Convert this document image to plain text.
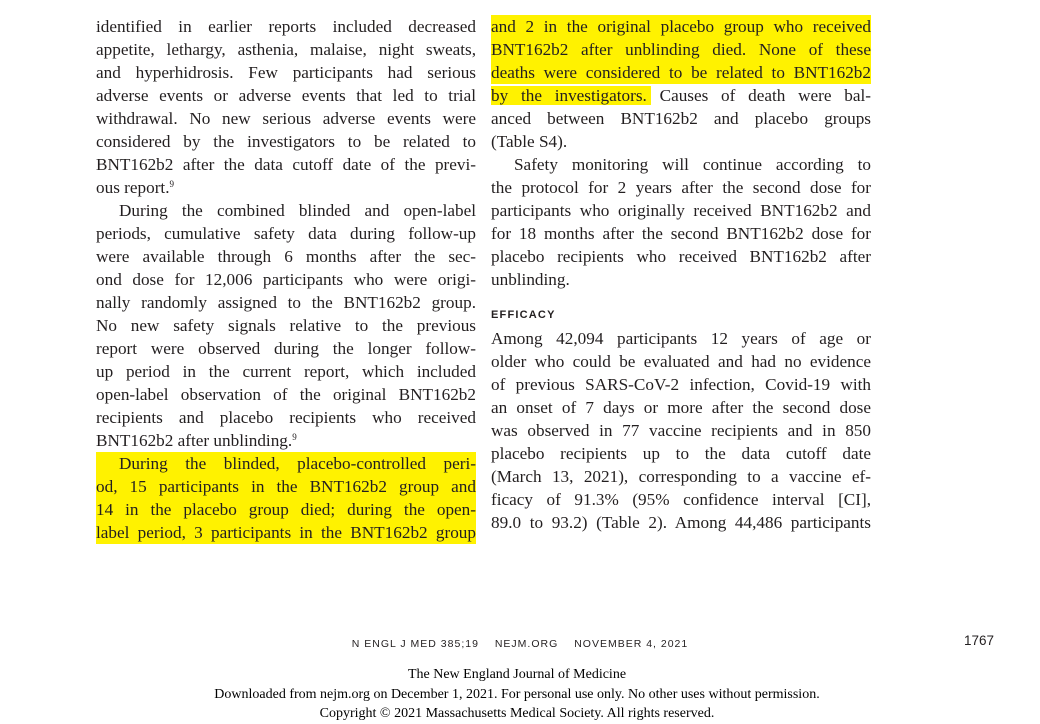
identified in earlier reports included decreased
appetite, lethargy, asthenia, malaise, night sweats,
and hyperhidrosis. Few participants had serious
adverse events or adverse events that led to trial
withdrawal. No new serious adverse events were
considered by the investigators to be related to
BNT162b2 after the data cutoff date of the previ-
ous report.$^9$
During the combined blinded and open-label
periods, cumulative safety data during follow-up
were available through 6 months after the sec-
ond dose for 12,006 participants who were origi-
nally randomly assigned to the BNT162b2 group.
No new safety signals relative to the previous
report were observed during the longer follow-
up period in the current report, which included
open-label observation of the original BNT162b2
recipients and placebo recipients who received
BNT162b2 after unblinding.$^9$
During the blinded, placebo-controlled peri-
od, 15 participants in the BNT162b2 group and
14 in the placebo group died; during the open-
label period, 3 participants in the BNT162b2 group
and 2 in the original placebo group who received
BNT162b2 after unblinding died. None of these
deaths were considered to be related to BNT162b2
by the investigators. Causes of death were bal-
anced between BNT162b2 and placebo groups
(Table S4).
Safety monitoring will continue according to
the protocol for 2 years after the second dose for
participants who originally received BNT162b2 and
for 18 months after the second BNT162b2 dose for
placebo recipients who received BNT162b2 after
unblinding.
EFFICACY
Among 42,094 participants 12 years of age or
older who could be evaluated and had no evidence
of previous SARS-CoV-2 infection, Covid-19 with
an onset of 7 days or more after the second dose
was observed in 77 vaccine recipients and in 850
placebo recipients up to the data cutoff date
(March 13, 2021), corresponding to a vaccine ef-
ficacy of 91.3% (95% confidence interval [CI],
89.0 to 93.2) (Table 2). Among 44,486 participants
N ENGL J MED 385;19 NEJM.ORG NOVEMBER 4, 2021	1767
The New England Journal of Medicine
Downloaded from nejm.org on December 1, 2021. For personal use only. No other uses without permission.
Copyright © 2021 Massachusetts Medical Society. All rights reserved.
